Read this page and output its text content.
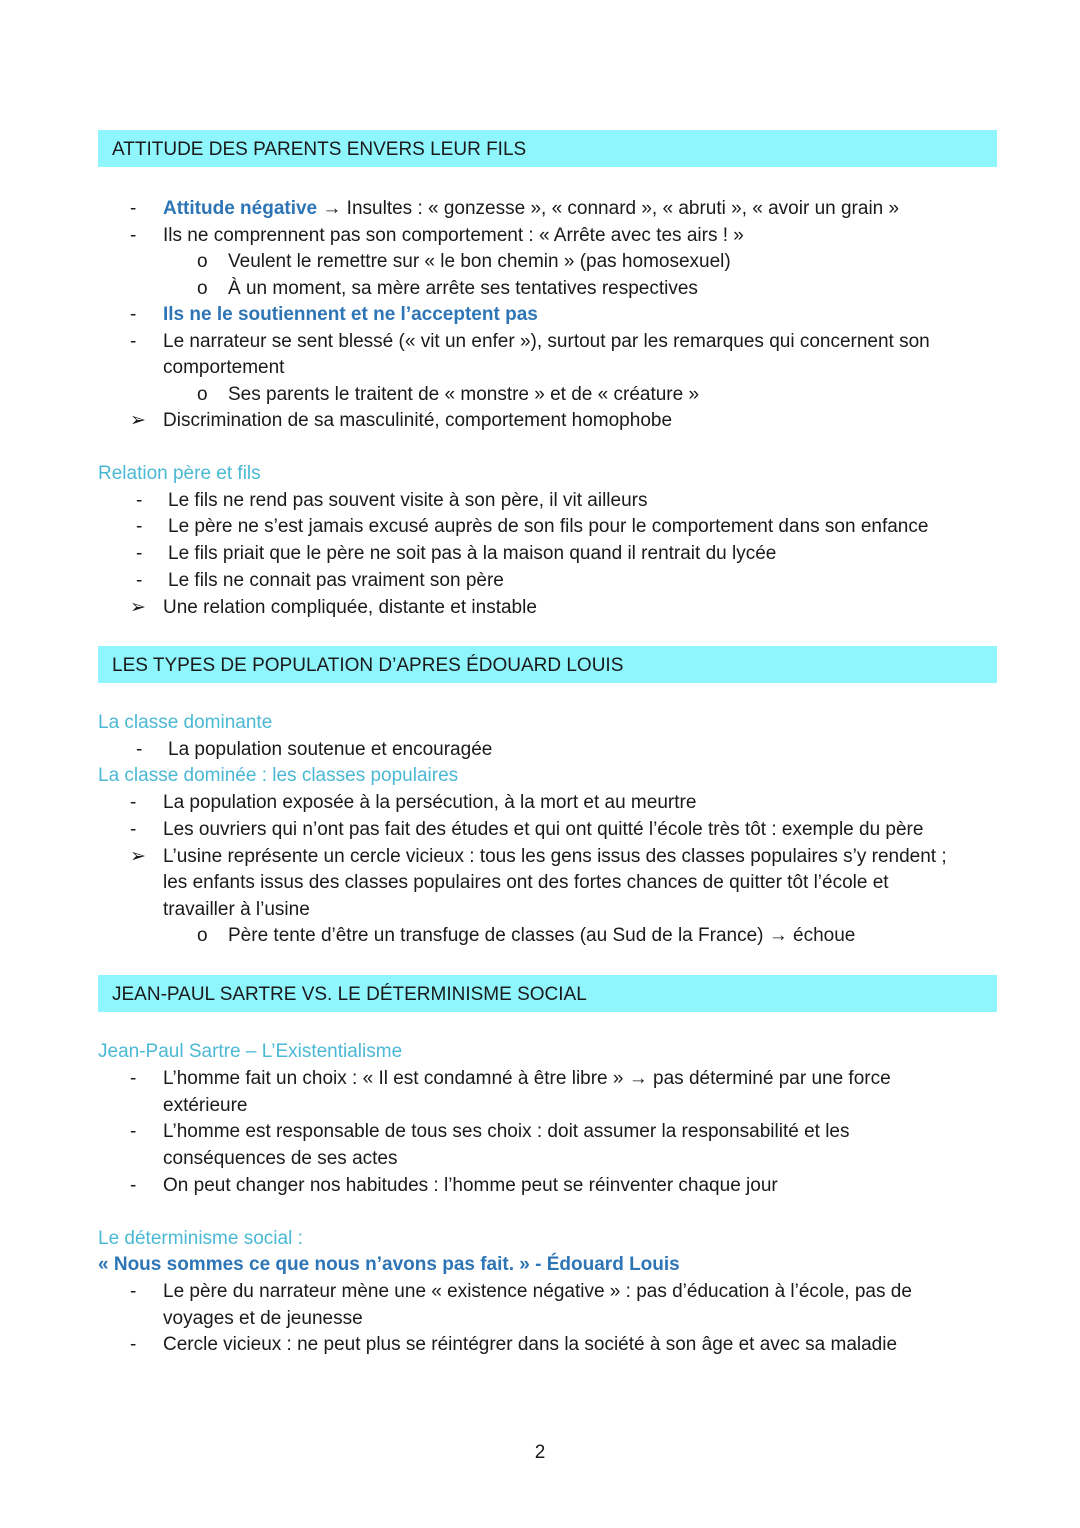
ATTITUDE DES PARENTS ENVERS LEUR FILS
- Attitude négative → Insultes : « gonzesse », « connard », « abruti », « avoir un grain »
- Ils ne comprennent pas son comportement : « Arrête avec tes airs ! »
o Veulent le remettre sur « le bon chemin » (pas homosexuel)
o À un moment, sa mère arrête ses tentatives respectives
- Ils ne le soutiennent et ne l’acceptent pas
- Le narrateur se sent blessé (« vit un enfer »), surtout par les remarques qui concernent son
comportement
o Ses parents le traitent de « monstre » et de « créature »
➢ Discrimination de sa masculinité, comportement homophobe
Relation père et fils
- Le fils ne rend pas souvent visite à son père, il vit ailleurs
- Le père ne s’est jamais excusé auprès de son fils pour le comportement dans son enfance
- Le fils priait que le père ne soit pas à la maison quand il rentrait du lycée
- Le fils ne connait pas vraiment son père
➢ Une relation compliquée, distante et instable
LES TYPES DE POPULATION D’APRES ÉDOUARD LOUIS
La classe dominante
- La population soutenue et encouragée
La classe dominée : les classes populaires
- La population exposée à la persécution, à la mort et au meurtre
- Les ouvriers qui n’ont pas fait des études et qui ont quitté l’école très tôt : exemple du père
➢ L’usine représente un cercle vicieux : tous les gens issus des classes populaires s’y rendent ;
les enfants issus des classes populaires ont des fortes chances de quitter tôt l’école et
travailler à l’usine
o Père tente d’être un transfuge de classes (au Sud de la France) → échoue
JEAN-PAUL SARTRE VS. LE DÉTERMINISME SOCIAL
Jean-Paul Sartre – L’Existentialisme
- L’homme fait un choix : « Il est condamné à être libre » → pas déterminé par une force
extérieure
- L’homme est responsable de tous ses choix : doit assumer la responsabilité et les
conséquences de ses actes
- On peut changer nos habitudes : l’homme peut se réinventer chaque jour
Le déterminisme social :
« Nous sommes ce que nous n’avons pas fait. » - Édouard Louis
- Le père du narrateur mène une « existence négative » : pas d’éducation à l’école, pas de
voyages et de jeunesse
- Cercle vicieux : ne peut plus se réintégrer dans la société à son âge et avec sa maladie
2
